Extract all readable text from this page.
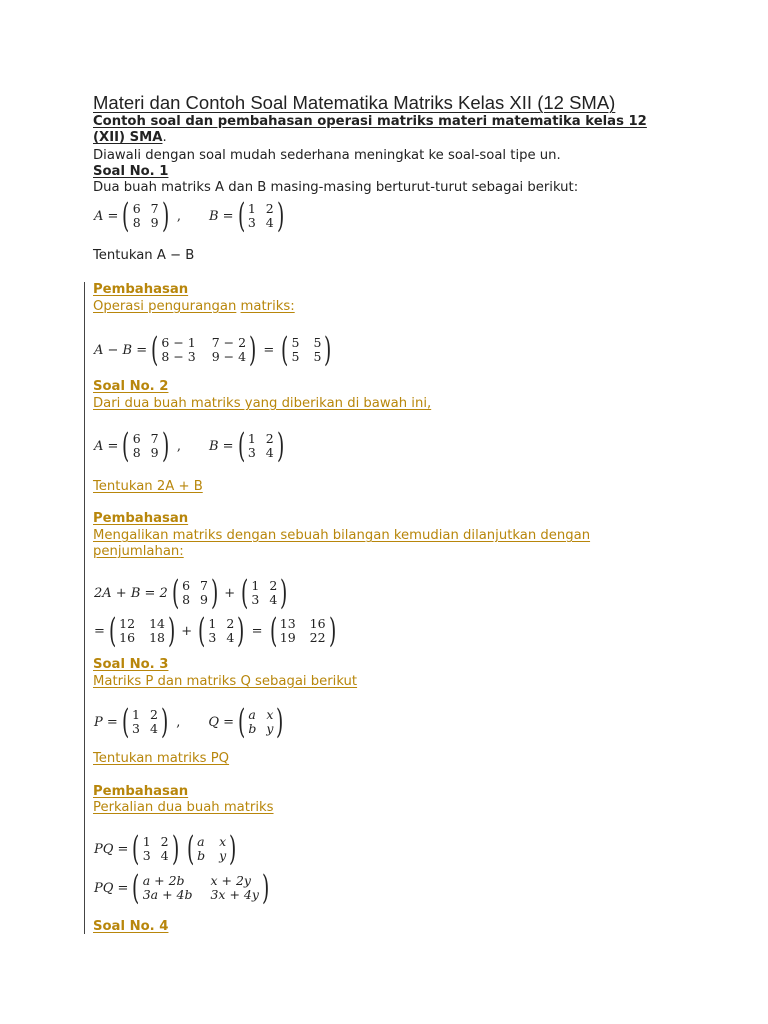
Materi dan Contoh Soal Matematika Matriks Kelas XII (12 SMA)
Contoh soal dan pembahasan operasi matriks materi matematika kelas 12
(XII) SMA.
Diawali dengan soal mudah sederhana meningkat ke soal-soal tipe un.
Soal No. 1
Dua buah matriks A dan B masing-masing berturut-turut sebagai berikut:
A = ( 6 7
8 9 ) , B = ( 1 2
3 4 )
Tentukan A − B
Pembahasan
Operasi pengurangan matriks:
A − B = ( 6 − 1 7 − 2
8 − 3 9 − 4 ) = ( 5 5
5 5 )
Soal No. 2
Dari dua buah matriks yang diberikan di bawah ini,
A = ( 6 7
8 9 ) , B = ( 1 2
3 4 )
Tentukan 2A + B
Pembahasan
Mengalikan matriks dengan sebuah bilangan kemudian dilanjutkan dengan
penjumlahan:
2A + B = 2 ( 6 7
8 9 ) + ( 1 2
3 4 )
= ( 12 14
16 18 ) + ( 1 2
3 4 ) = ( 13 16
19 22 )
Soal No. 3
Matriks P dan matriks Q sebagai berikut
P = ( 1 2
3 4 ) , Q = ( a x
b y )
Tentukan matriks PQ
Pembahasan
Perkalian dua buah matriks
PQ = ( 1 2
3 4 ) ( a x
b y )
PQ = ( a + 2b	x + 2y
3a + 4b 3x + 4y )
Soal No. 4
